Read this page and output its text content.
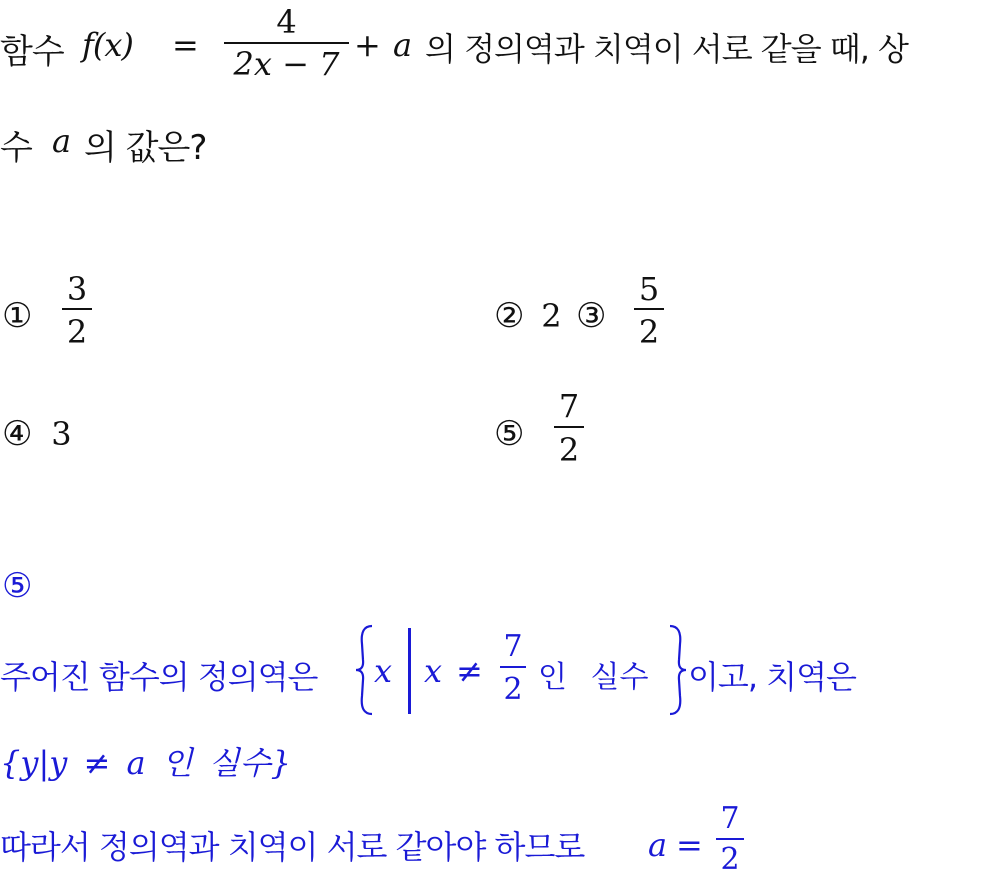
함수 f(x) =
4
2x − 7 + a 의 정의역과 치역이 서로 같을 때, 상
수 a 의 값은?
①
3
2	② 2 ③
5
2
④ 3	⑤
7
2
⑤
주어진 함수의 정의역은 x x ≠
7
2 인 실수 이고, 치역은
{y|y ≠ a 인 실수}
따라서 정의역과 치역이 서로 같아야 하므로 a =
7
2
